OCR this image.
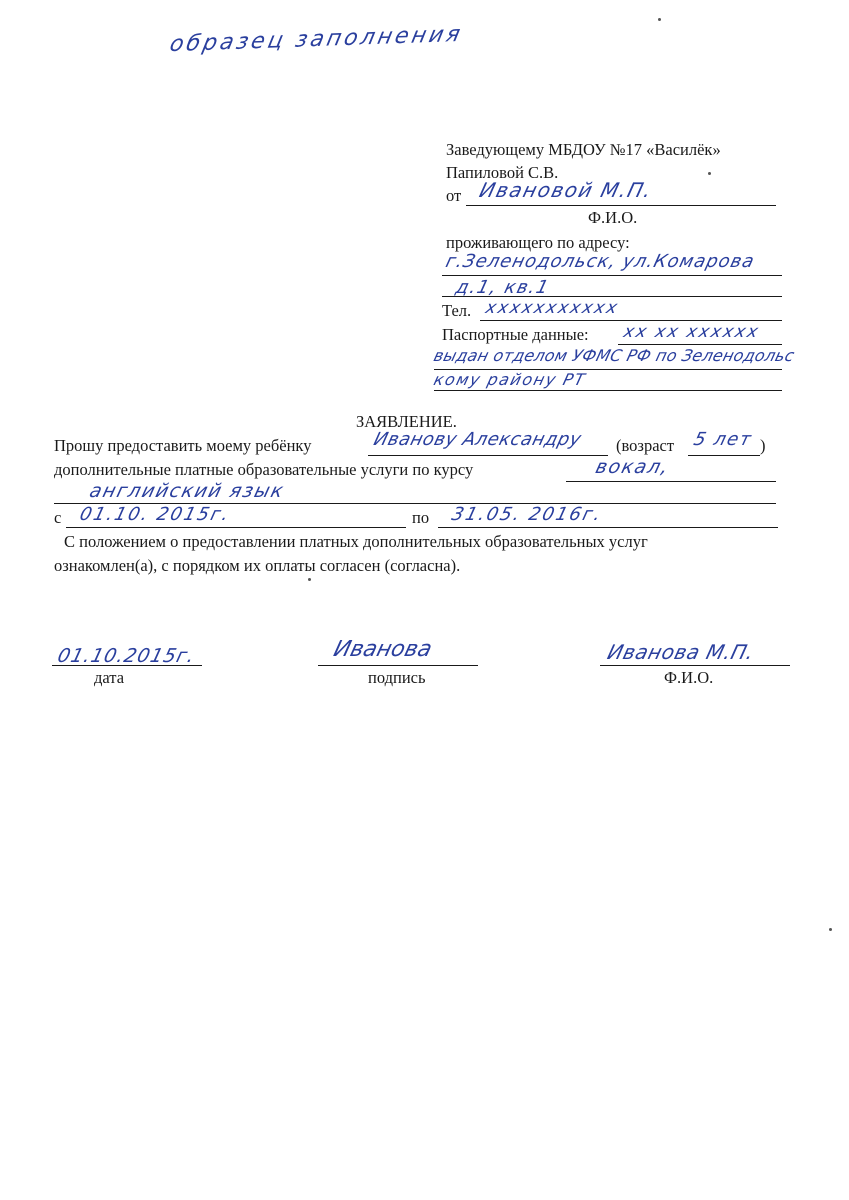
образец заполнения
Заведующему МБДОУ №17 «Василёк»
Папиловой С.В.
от Ивановой М.П.
Ф.И.О.
проживающего по адресу:
г.Зеленодольск, ул.Комарова
д.1, кв.1
Тел. xxxxxxxxxxx
Паспортные данные: xx xx xxxxxx
выдан отделом УФМС РФ по Зеленодольс
кому району РТ
ЗАЯВЛЕНИЕ.
Прошу предоставить моему ребёнку	Иванову Александру (возраст 5 лет )
дополнительные платные образовательные услуги по курсу	вокал,
английский язык
с 01.10. 2015г.	по 31.05. 2016г.
С положением о предоставлении платных дополнительных образовательных услуг
ознакомлен(а), с порядком их оплаты согласен (согласна).
01.10.2015г.
дата
Ивановa
подпись
Иванова М.П.
Ф.И.О.
